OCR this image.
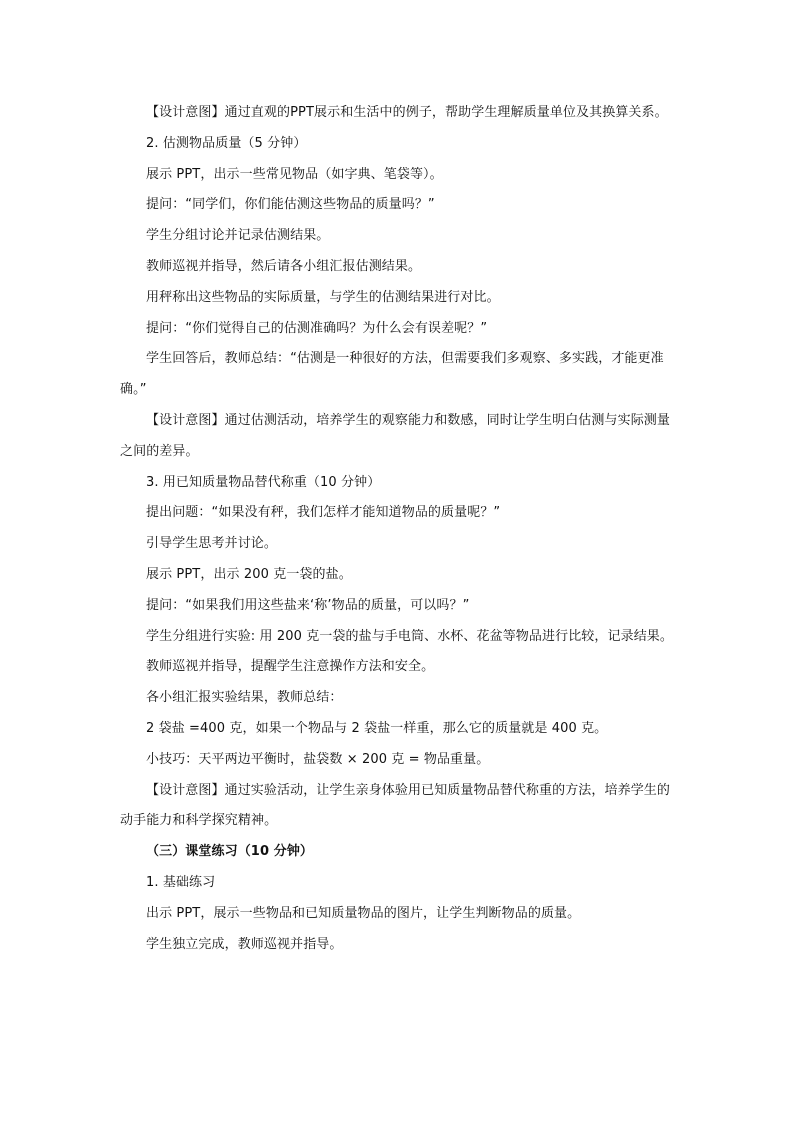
【设计意图】通过直观的PPT展示和生活中的例子，帮助学生理解质量单位及其换算关系。

2. 估测物品质量（5 分钟）

展示 PPT，出示一些常见物品（如字典、笔袋等）。

提问：“同学们，你们能估测这些物品的质量吗？”

学生分组讨论并记录估测结果。

教师巡视并指导，然后请各小组汇报估测结果。

用秤称出这些物品的实际质量，与学生的估测结果进行对比。

提问：“你们觉得自己的估测准确吗？为什么会有误差呢？”

学生回答后，教师总结：“估测是一种很好的方法，但需要我们多观察、多实践，才能更准确。”

【设计意图】通过估测活动，培养学生的观察能力和数感，同时让学生明白估测与实际测量之间的差异。

3. 用已知质量物品替代称重（10 分钟）

提出问题：“如果没有秤，我们怎样才能知道物品的质量呢？”

引导学生思考并讨论。

展示 PPT，出示 200 克一袋的盐。

提问：“如果我们用这些盐来‘称’物品的质量，可以吗？”

学生分组进行实验: 用 200 克一袋的盐与手电筒、水杯、花盆等物品进行比较，记录结果。

教师巡视并指导，提醒学生注意操作方法和安全。

各小组汇报实验结果，教师总结：

2 袋盐 =400 克，如果一个物品与 2 袋盐一样重，那么它的质量就是 400 克。

小技巧：天平两边平衡时，盐袋数 × 200 克 = 物品重量。

【设计意图】通过实验活动，让学生亲身体验用已知质量物品替代称重的方法，培养学生的动手能力和科学探究精神。

（三）课堂练习（10 分钟）

1. 基础练习

出示 PPT，展示一些物品和已知质量物品的图片，让学生判断物品的质量。

学生独立完成，教师巡视并指导。
